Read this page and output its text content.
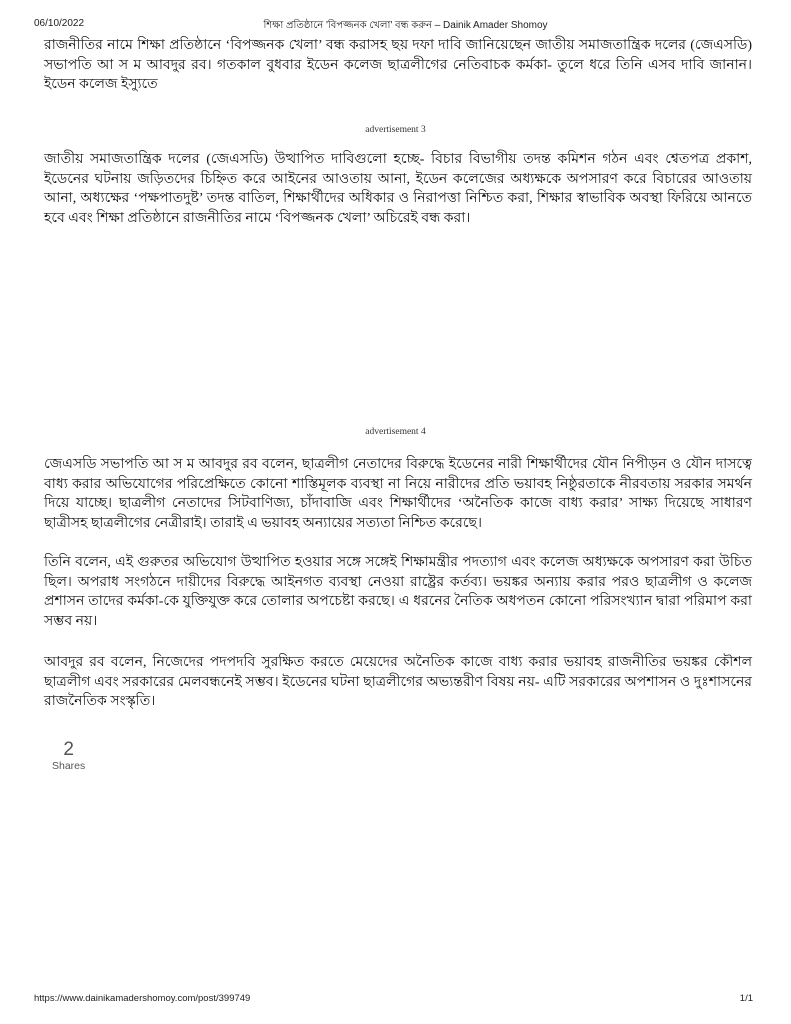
06/10/2022	শিক্ষা প্রতিষ্ঠানে 'বিপজ্জনক খেলা' বন্ধ করুন – Dainik Amader Shomoy

রাজনীতির নামে শিক্ষা প্রতিষ্ঠানে ‘বিপজ্জনক খেলা’ বন্ধ করাসহ ছয় দফা দাবি জানিয়েছেন জাতীয় সমাজতান্ত্রিক দলের (জেএসডি) সভাপতি আ স ম আবদুর রব। গতকাল বুধবার ইডেন কলেজ ছাত্রলীগের নেতিবাচক কর্মকা- তুলে ধরে তিনি এসব দাবি জানান। ইডেন কলেজ ইস্যুতে

advertisement 3

জাতীয় সমাজতান্ত্রিক দলের (জেএসডি) উত্থাপিত দাবিগুলো হচ্ছে- বিচার বিভাগীয় তদন্ত কমিশন গঠন এবং শ্বেতপত্র প্রকাশ, ইডেনের ঘটনায় জড়িতদের চিহ্নিত করে আইনের আওতায় আনা, ইডেন কলেজের অধ্যক্ষকে অপসারণ করে বিচারের আওতায় আনা, অধ্যক্ষের ‘পক্ষপাতদুষ্ট’ তদন্ত বাতিল, শিক্ষার্থীদের অধিকার ও নিরাপত্তা নিশ্চিত করা, শিক্ষার স্বাভাবিক অবস্থা ফিরিয়ে আনতে হবে এবং শিক্ষা প্রতিষ্ঠানে রাজনীতির নামে ‘বিপজ্জনক খেলা’ অচিরেই বন্ধ করা।

advertisement 4

জেএসডি সভাপতি আ স ম আবদুর রব বলেন, ছাত্রলীগ নেতাদের বিরুদ্ধে ইডেনের নারী শিক্ষার্থীদের যৌন নিপীড়ন ও যৌন দাসত্বে বাধ্য করার অভিযোগের পরিপ্রেক্ষিতে কোনো শাস্তিমূলক ব্যবস্থা না নিয়ে নারীদের প্রতি ভয়াবহ নিষ্ঠুরতাকে নীরবতায় সরকার সমর্থন দিয়ে যাচ্ছে। ছাত্রলীগ নেতাদের সিটবাণিজ্য, চাঁদাবাজি এবং শিক্ষার্থীদের ‘অনৈতিক কাজে বাধ্য করার’ সাক্ষ্য দিয়েছে সাধারণ ছাত্রীসহ ছাত্রলীগের নেত্রীরাই। তারাই এ ভয়াবহ অন্যায়ের সত্যতা নিশ্চিত করেছে।

তিনি বলেন, এই গুরুতর অভিযোগ উত্থাপিত হওয়ার সঙ্গে সঙ্গেই শিক্ষামন্ত্রীর পদত্যাগ এবং কলেজ অধ্যক্ষকে অপসারণ করা উচিত ছিল। অপরাধ সংগঠনে দায়ীদের বিরুদ্ধে আইনগত ব্যবস্থা নেওয়া রাষ্ট্রের কর্তব্য। ভয়ঙ্কর অন্যায় করার পরও ছাত্রলীগ ও কলেজ প্রশাসন তাদের কর্মকা-কে যুক্তিযুক্ত করে তোলার অপচেষ্টা করছে। এ ধরনের নৈতিক অধপতন কোনো পরিসংখ্যান দ্বারা পরিমাপ করা সম্ভব নয়।

আবদুর রব বলেন, নিজেদের পদপদবি সুরক্ষিত করতে মেয়েদের অনৈতিক কাজে বাধ্য করার ভয়াবহ রাজনীতির ভয়ঙ্কর কৌশল ছাত্রলীগ এবং সরকারের মেলবন্ধনেই সম্ভব। ইডেনের ঘটনা ছাত্রলীগের অভ্যন্তরীণ বিষয় নয়- এটি সরকারের অপশাসন ও দুঃশাসনের রাজনৈতিক সংস্কৃতি।

2
Shares
https://www.dainikamadershomoy.com/post/399749	1/1
